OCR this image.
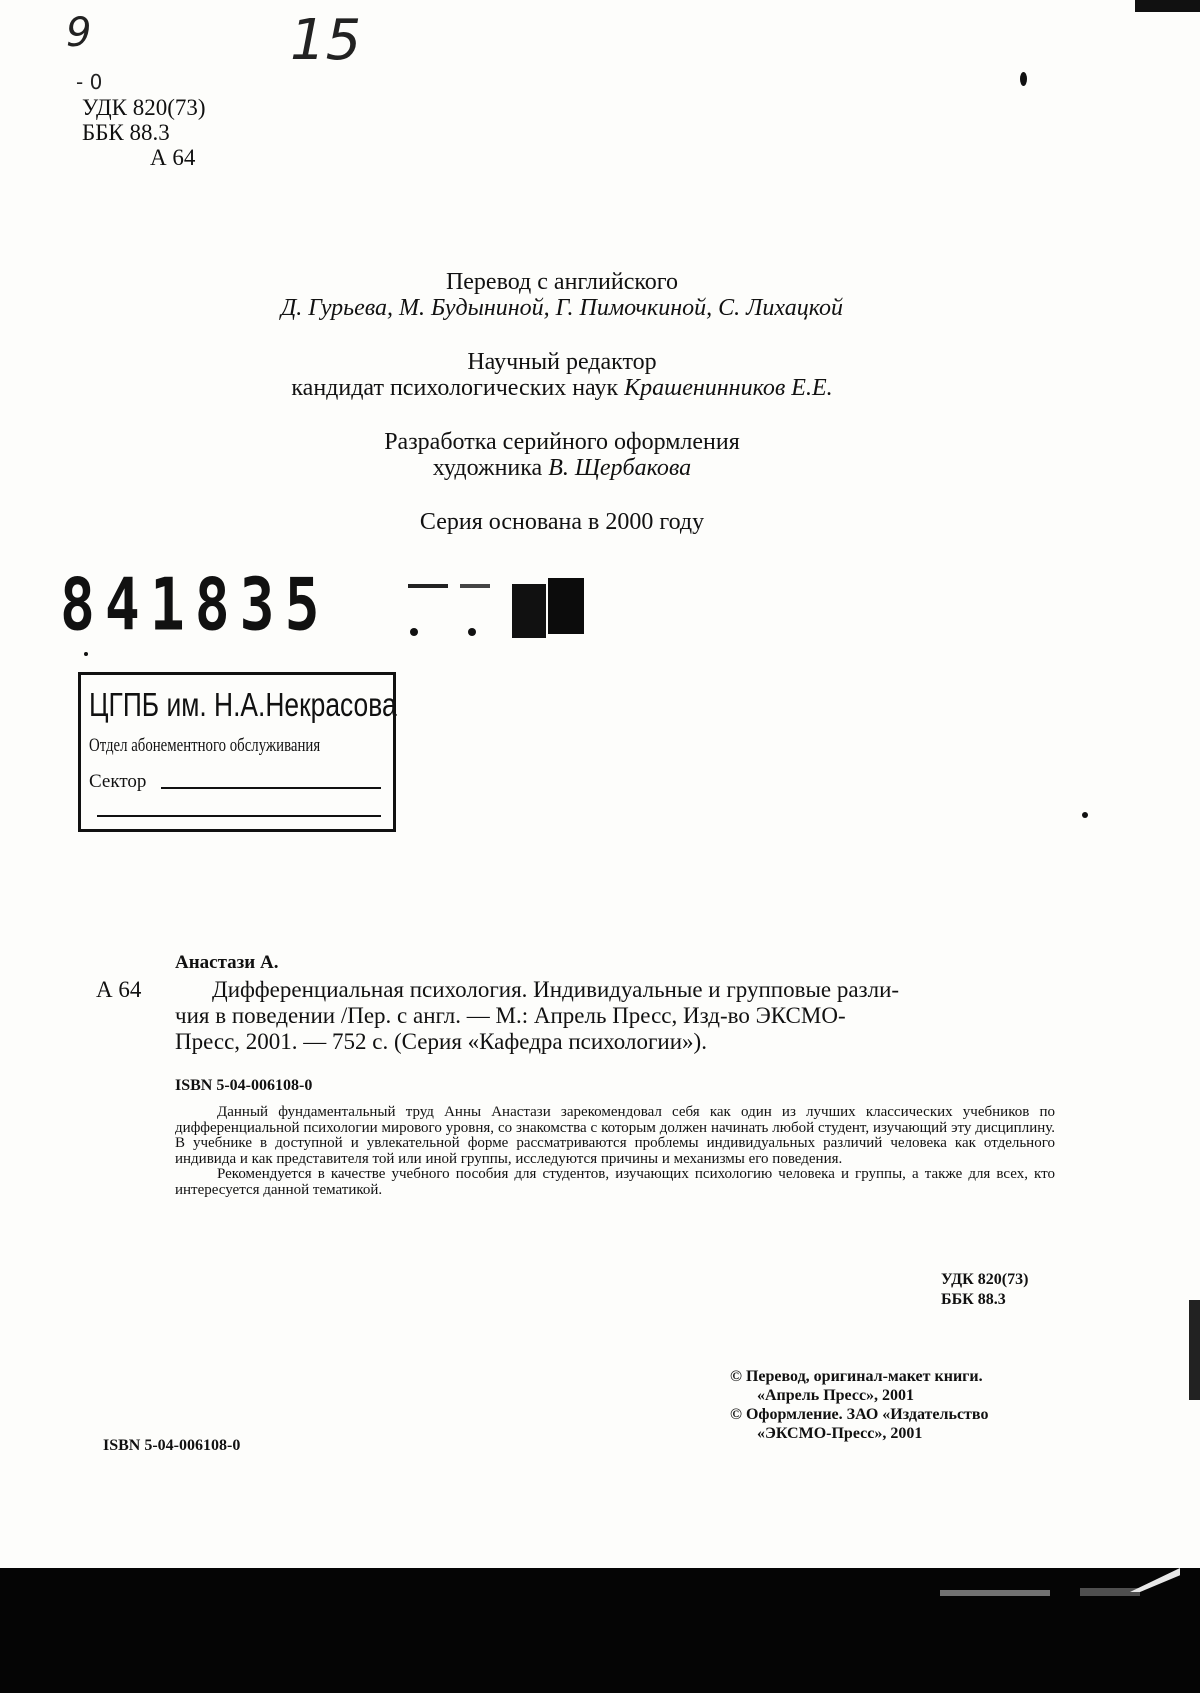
9	15
- 0
УДК 820(73)
ББК 88.3
А 64
Перевод с английского
Д. Гурьева, М. Будыниной, Г. Пимочкиной, С. Лихацкой
Научный редактор
кандидат психологических наук Крашенинников Е.Е.
Разработка серийного оформления
художника В. Щербакова
Серия основана в 2000 году
841835
ЦГПБ им. Н.А.Некрасова
Отдел абонементного обслуживания
Сектор
Анастази А.
А 64	Дифференциальная психология. Индивидуальные и групповые разли-
чия в поведении /Пер. с англ. — М.: Апрель Пресс, Изд-во ЭКСМО-
Пресс, 2001. — 752 с. (Серия «Кафедра психологии»).
ISBN 5-04-006108-0

Данный фундаментальный труд Анны Анастази зарекомендовал себя как один из лучших классических учебников по дифференциальной психологии мирового уровня, со знакомства с которым должен начинать любой студент, изучающий эту дисциплину. В учебнике в доступной и увлекательной форме рассматриваются проблемы индивидуальных различий человека как отдельного индивида и как представителя той или иной группы, исследуются причины и механизмы его поведения.

Рекомендуется в качестве учебного пособия для студентов, изучающих психологию человека и группы, а также для всех, кто интересуется данной тематикой.

УДК 820(73)
ББК 88.3
© Перевод, оригинал-макет книги.
«Апрель Пресс», 2001
© Оформление. ЗАО «Издательство
«ЭКСМО-Пресс», 2001
ISBN 5-04-006108-0
